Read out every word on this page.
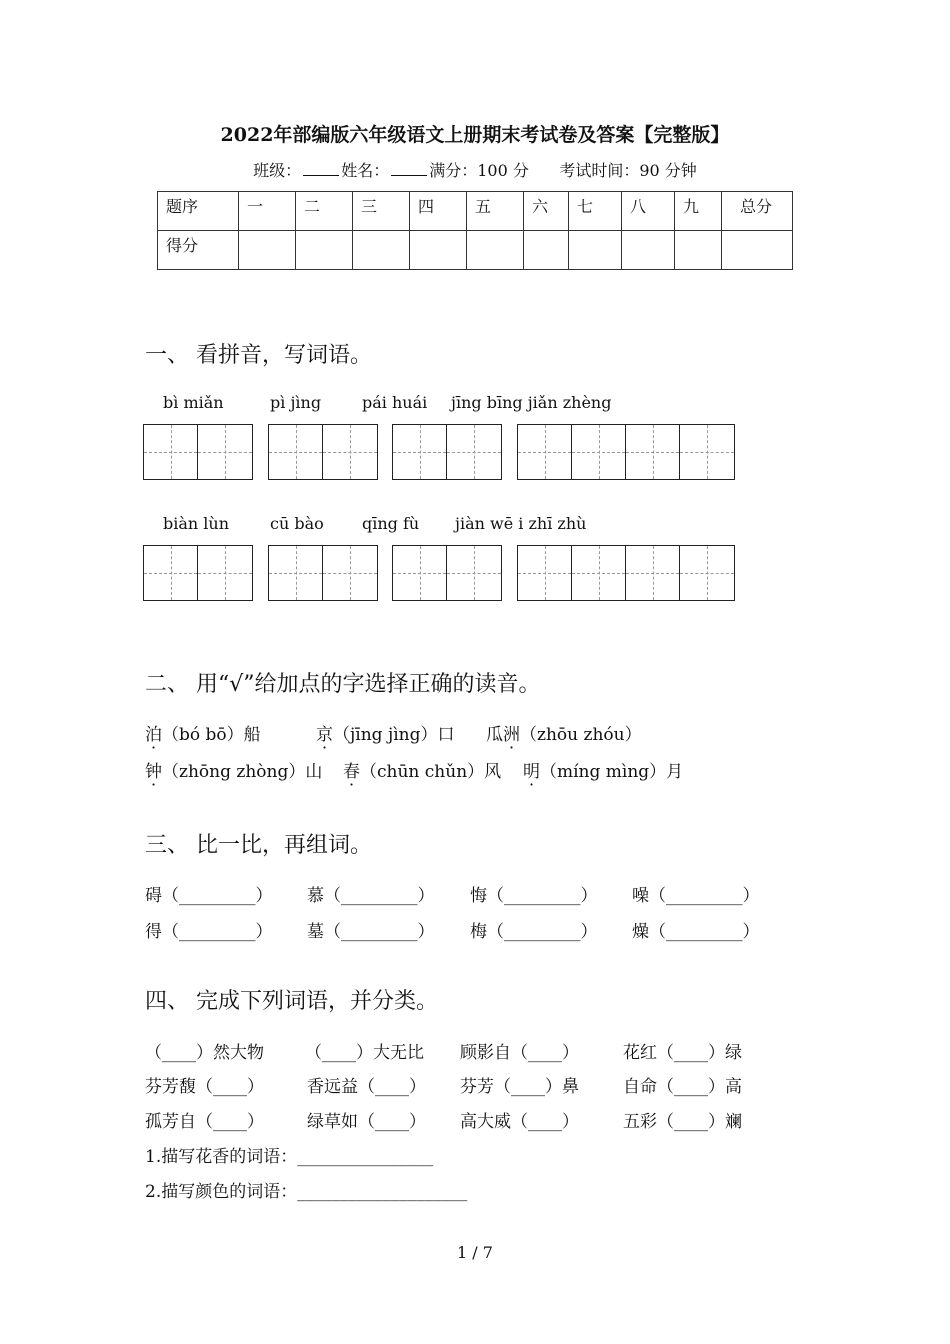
2022年部编版六年级语文上册期末考试卷及答案【完整版】
班级：	姓名：	满分：100 分 考试时间：90 分钟
题序	一	二	三	四	五	六	七	八	九	总分
得分										
一、 看拼音，写词语。
bì miǎn	pì jìng	pái huái jīng bīng jiǎn zhèng
biàn lùn	cū bào qīng fù jiàn wē i zhī zhù
二、 用“√”给加点的字选择正确的读音。
泊（bó bō）船	京（jīng jìng）口 瓜洲（zhōu zhóu）
钟（zhōng zhòng）山 春（chūn chǔn）风 明（míng mìng）月
三、 比一比，再组词。
碍（_________） 慕（_________） 悔（_________） 噪（_________）
得（_________） 墓（_________） 梅（_________） 燥（_________）
四、 完成下列词语，并分类。
（____）然大物 （____）大无比 顾影自（____）	花红（____）绿
芬芳馥（____）	香远益（____） 芬芳（____）鼻	自命（____）高
孤芳自（____）	绿草如（____） 高大威（____）	五彩（____）斓
1.描写花香的词语：________________
2.描写颜色的词语：____________________
1 / 7
